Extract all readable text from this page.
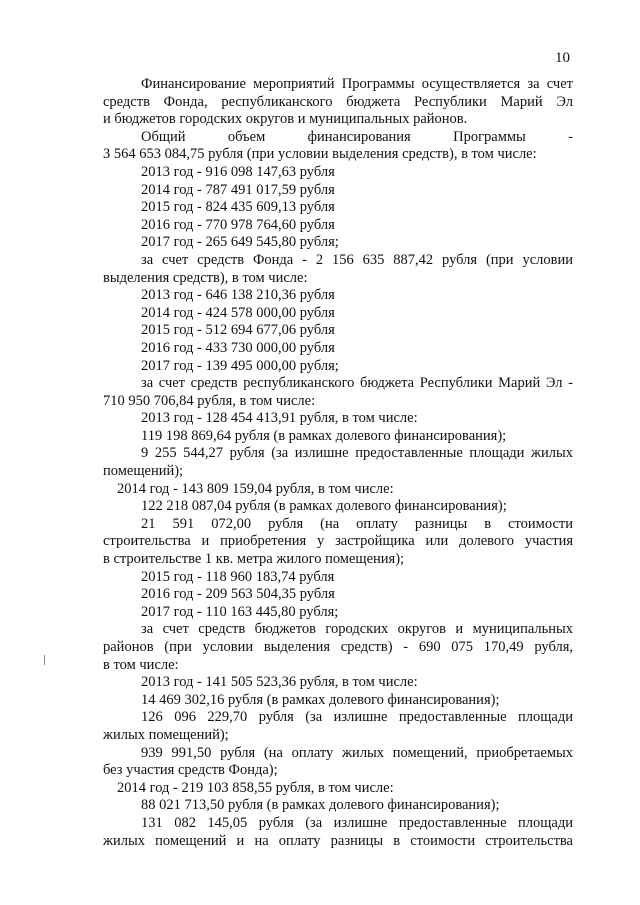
10
Финансирование мероприятий Программы осуществляется за счет
средств Фонда, республиканского бюджета Республики Марий Эл
и бюджетов городских округов и муниципальных районов.
Общий объем финансирования Программы -
3 564 653 084,75 рубля (при условии выделения средств), в том числе:
2013 год - 916 098 147,63 рубля
2014 год - 787 491 017,59 рубля
2015 год - 824 435 609,13 рубля
2016 год - 770 978 764,60 рубля
2017 год - 265 649 545,80 рубля;
за счет средств Фонда - 2 156 635 887,42 рубля (при условии
выделения средств), в том числе:
2013 год - 646 138 210,36 рубля
2014 год - 424 578 000,00 рубля
2015 год - 512 694 677,06 рубля
2016 год - 433 730 000,00 рубля
2017 год - 139 495 000,00 рубля;
за счет средств республиканского бюджета Республики Марий Эл -
710 950 706,84 рубля, в том числе:
2013 год - 128 454 413,91 рубля, в том числе:
119 198 869,64 рубля (в рамках долевого финансирования);
9 255 544,27 рубля (за излишне предоставленные площади жилых
помещений);
2014 год - 143 809 159,04 рубля, в том числе:
122 218 087,04 рубля (в рамках долевого финансирования);
21 591 072,00 рубля (на оплату разницы в стоимости
строительства и приобретения у застройщика или долевого участия
в строительстве 1 кв. метра жилого помещения);
2015 год - 118 960 183,74 рубля
2016 год - 209 563 504,35 рубля
2017 год - 110 163 445,80 рубля;
за счет средств бюджетов городских округов и муниципальных
районов (при условии выделения средств) - 690 075 170,49 рубля,
в том числе:
2013 год - 141 505 523,36 рубля, в том числе:
14 469 302,16 рубля (в рамках долевого финансирования);
126 096 229,70 рубля (за излишне предоставленные площади
жилых помещений);
939 991,50 рубля (на оплату жилых помещений, приобретаемых
без участия средств Фонда);
2014 год - 219 103 858,55 рубля, в том числе:
88 021 713,50 рубля (в рамках долевого финансирования);
131 082 145,05 рубля (за излишне предоставленные площади
жилых помещений и на оплату разницы в стоимости строительства
